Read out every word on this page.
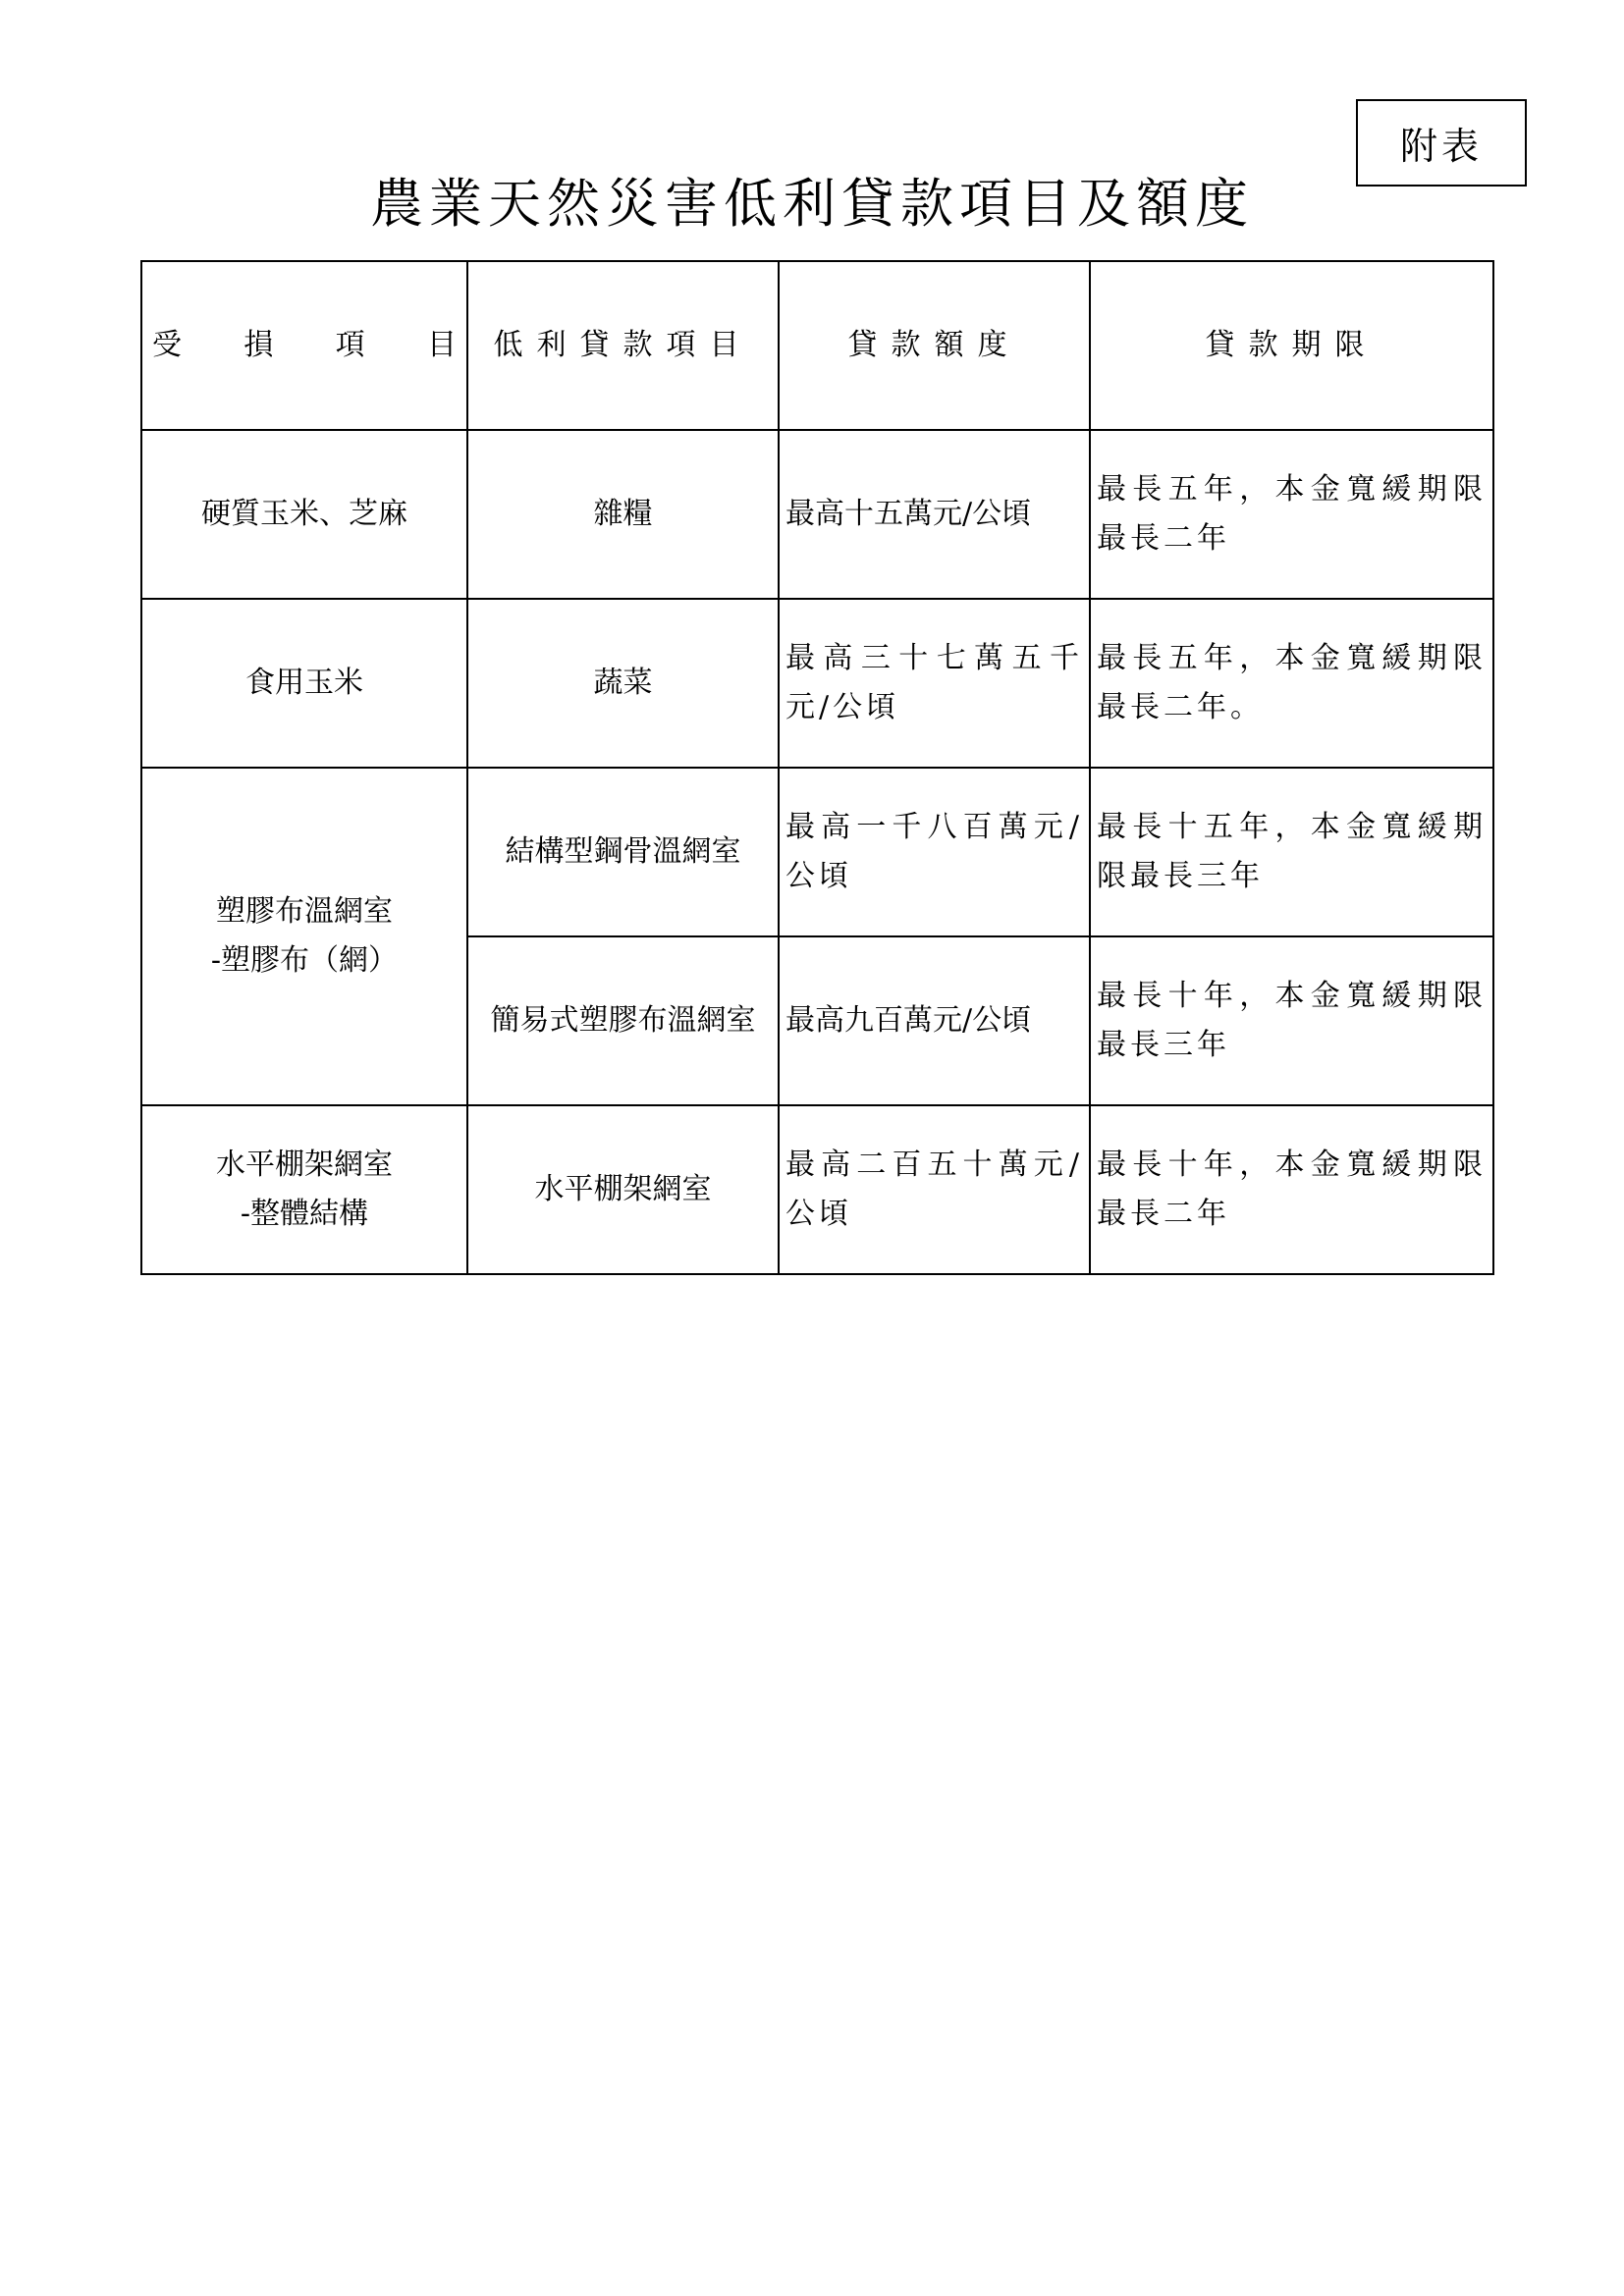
附表
農業天然災害低利貸款項目及額度
受 損 項 目	低利貸款項目	貸款額度	貸款期限
硬質玉米、芝麻	雜糧	最高十五萬元/公頃	最長五年，本金寬緩期限最長二年
食用玉米	蔬菜	最高三十七萬五千元/公頃	最長五年，本金寬緩期限最長二年。

塑膠布溫網室
-塑膠布（網）	結構型鋼骨溫網室	最高一千八百萬元/公頃	最長十五年，本金寬緩期限最長三年
	簡易式塑膠布溫網室	最高九百萬元/公頃	最長十年，本金寬緩期限最長三年

水平棚架網室
-整體結構	水平棚架網室	最高二百五十萬元/公頃	最長十年，本金寬緩期限最長二年
